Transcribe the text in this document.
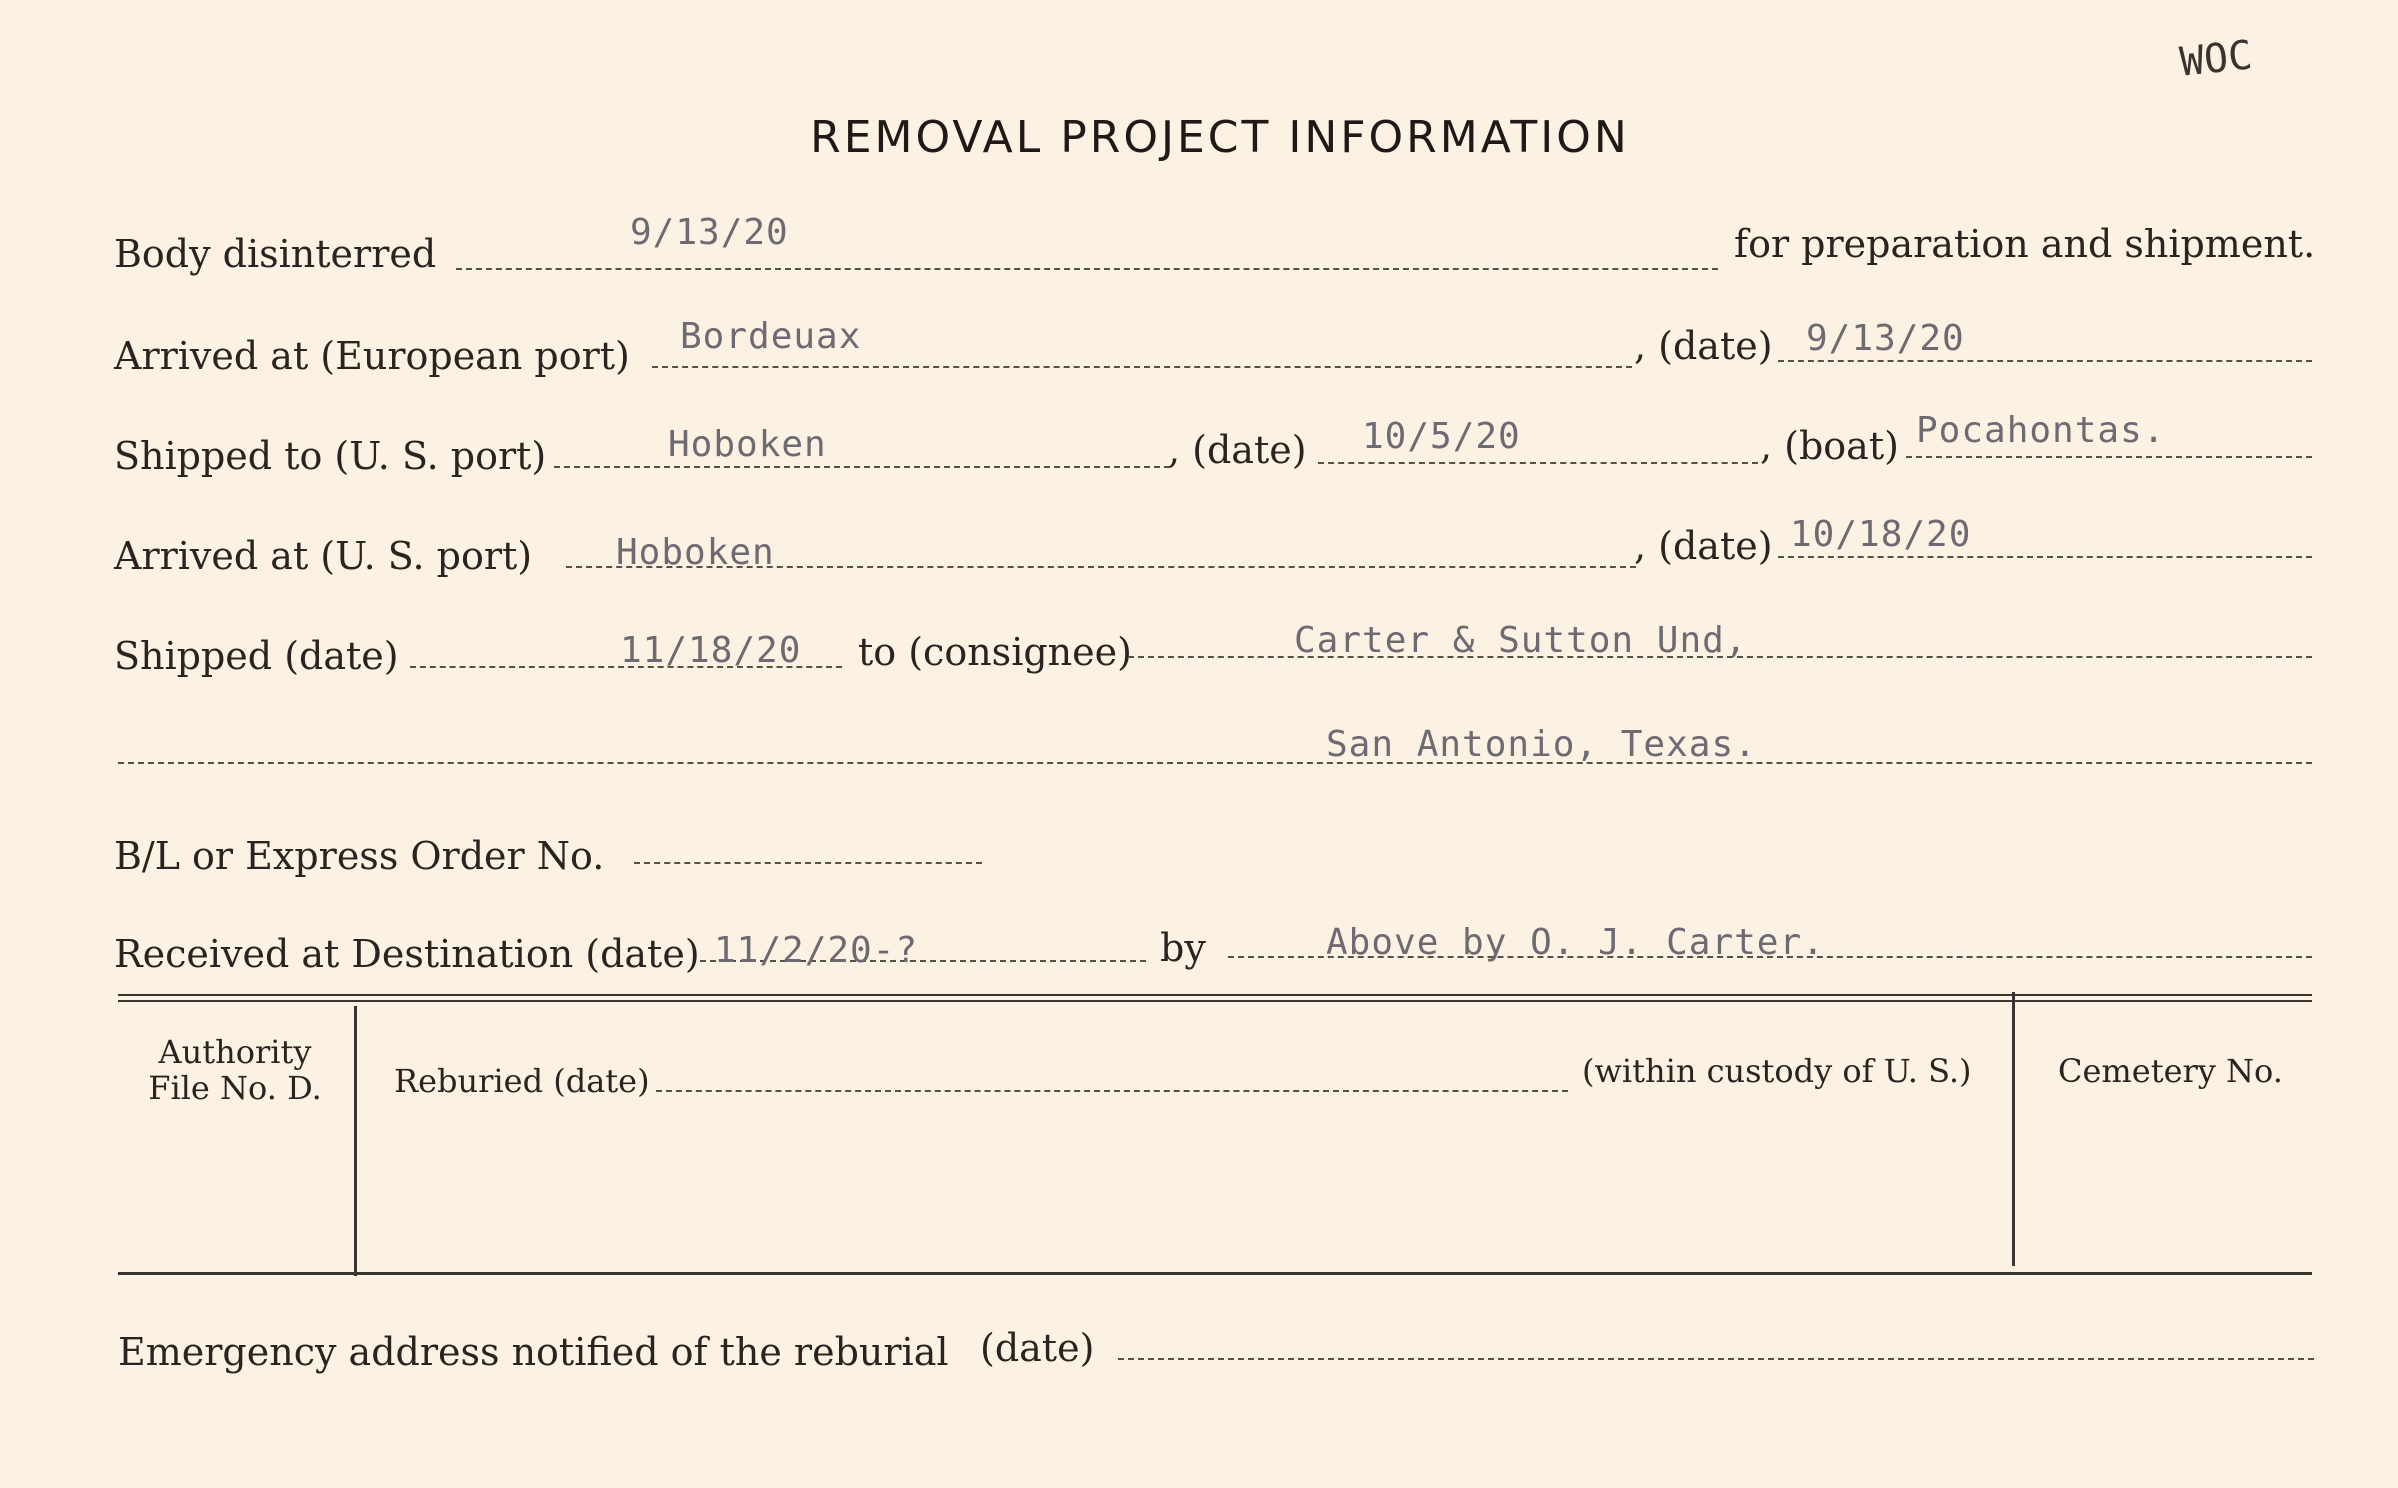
WOC
REMOVAL PROJECT INFORMATION
Body disinterred	9/13/20	for preparation and shipment.
Arrived at (European port) Bordeuax	, (date) 9/13/20
Shipped to (U. S. port)	Hoboken	, (date) 10/5/20	, (boat) Pocahontas.
Arrived at (U. S. port) Hoboken	, (date) 10/18/20
Shipped (date)	11/18/20 to (consignee)	Carter & Sutton Und,
San Antonio, Texas.
B/L or Express Order No.
Received at Destination (date) 11/2/20-?	by	Above by O. J. Carter.
Authority
File No. D.	Reburied (date)	(within custody of U. S.)	Cemetery No.
Emergency address notified of the reburial (date)
